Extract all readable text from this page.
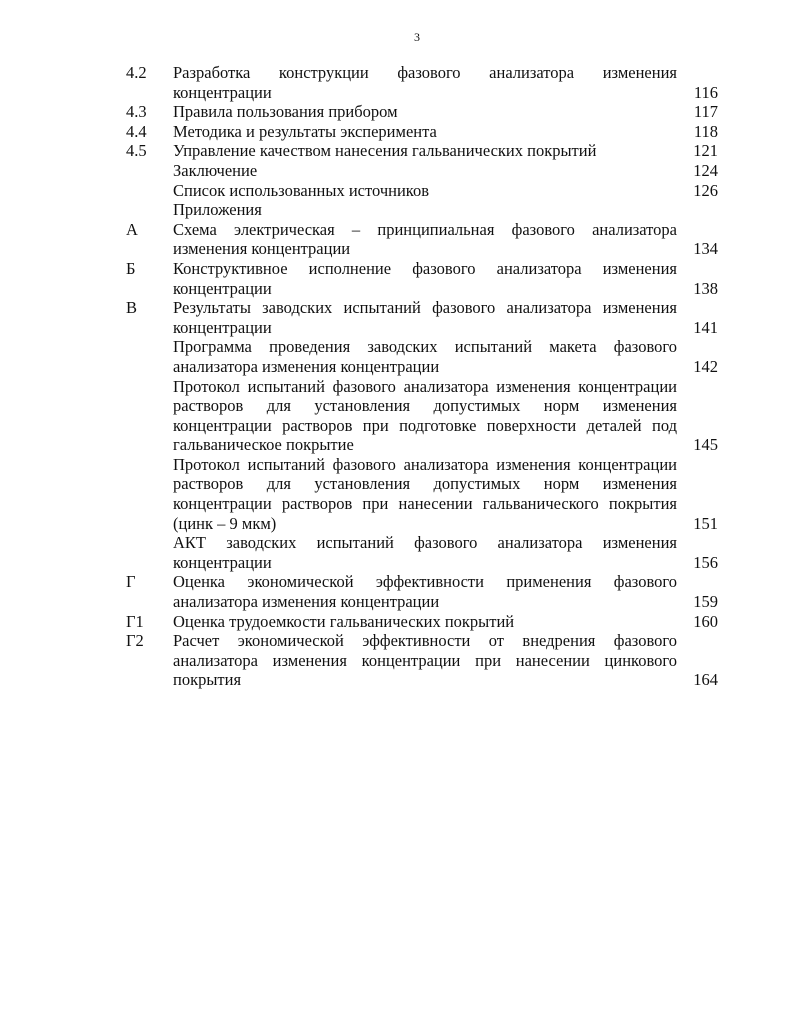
3
4.2 Разработка конструкции фазового анализатора изменения концентрации	116
4.3 Правила пользования прибором	117
4.4 Методика и результаты эксперимента	118
4.5 Управление качеством нанесения гальванических покрытий	121
Заключение	124
Список использованных источников	126
Приложения
А Схема электрическая – принципиальная фазового анализатора изменения концентрации	134
Б Конструктивное исполнение фазового анализатора изменения концентрации	138
В Результаты заводских испытаний фазового анализатора изменения концентрации	141
Программа проведения заводских испытаний макета фазового анализатора изменения концентрации	142
Протокол испытаний фазового анализатора изменения концентрации растворов для установления допустимых норм изменения концентрации растворов при подготовке поверхности деталей под гальваническое покрытие	145
Протокол испытаний фазового анализатора изменения концентрации растворов для установления допустимых норм изменения концентрации растворов при нанесении гальванического покрытия (цинк – 9 мкм)	151
АКТ заводских испытаний фазового анализатора изменения концентрации	156
Г Оценка экономической эффективности применения фазового анализатора изменения концентрации	159
Г1 Оценка трудоемкости гальванических покрытий	160
Г2 Расчет экономической эффективности от внедрения фазового анализатора изменения концентрации при нанесении цинкового покрытия	164
